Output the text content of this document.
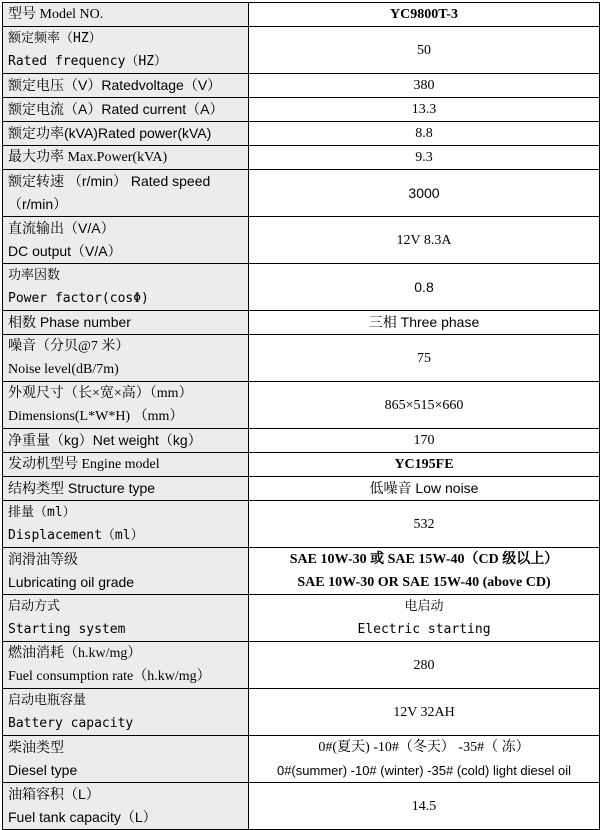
型号 Model NO.	YC9800T-3

额定频率（HZ）
Rated frequency（HZ）	50

额定电压（V）Ratedvoltage（V）	380

额定电流（A）Rated current（A）	13.3

额定功率(kVA)Rated power(kVA)	8.8

最大功率 Max.Power(kVA)	9.3

额定转速 （r/min） Rated speed
（r/min）	3000

直流输出（V/A）
DC output（V/A）	12V 8.3A

功率因数
Power factor(cosΦ)	0.8

相数 Phase number	三相 Three phase

噪音（分贝@7 米）
Noise level(dB/7m)	75

外观尺寸（长×宽×高）（mm）
Dimensions(L*W*H) （mm）	865×515×660

净重量（kg）Net weight（kg）	170

发动机型号 Engine model	YC195FE

结构类型 Structure type	低噪音 Low noise

排量（ml）
Displacement（ml）	532

润滑油等级
Lubricating oil grade	SAE 10W-30 或 SAE 15W-40（CD 级以上）
SAE 10W-30 OR SAE 15W-40 (above CD)

启动方式
Starting system	电启动
Electric starting

燃油消耗（h.kw/mg）
Fuel consumption rate（h.kw/mg）	280

启动电瓶容量
Battery capacity	12V 32AH

柴油类型
Diesel type	0#(夏天) -10#（冬天） -35#（ 冻）
0#(summer) -10# (winter) -35# (cold) light diesel oil

油箱容积（L）
Fuel tank capacity（L）	14.5
